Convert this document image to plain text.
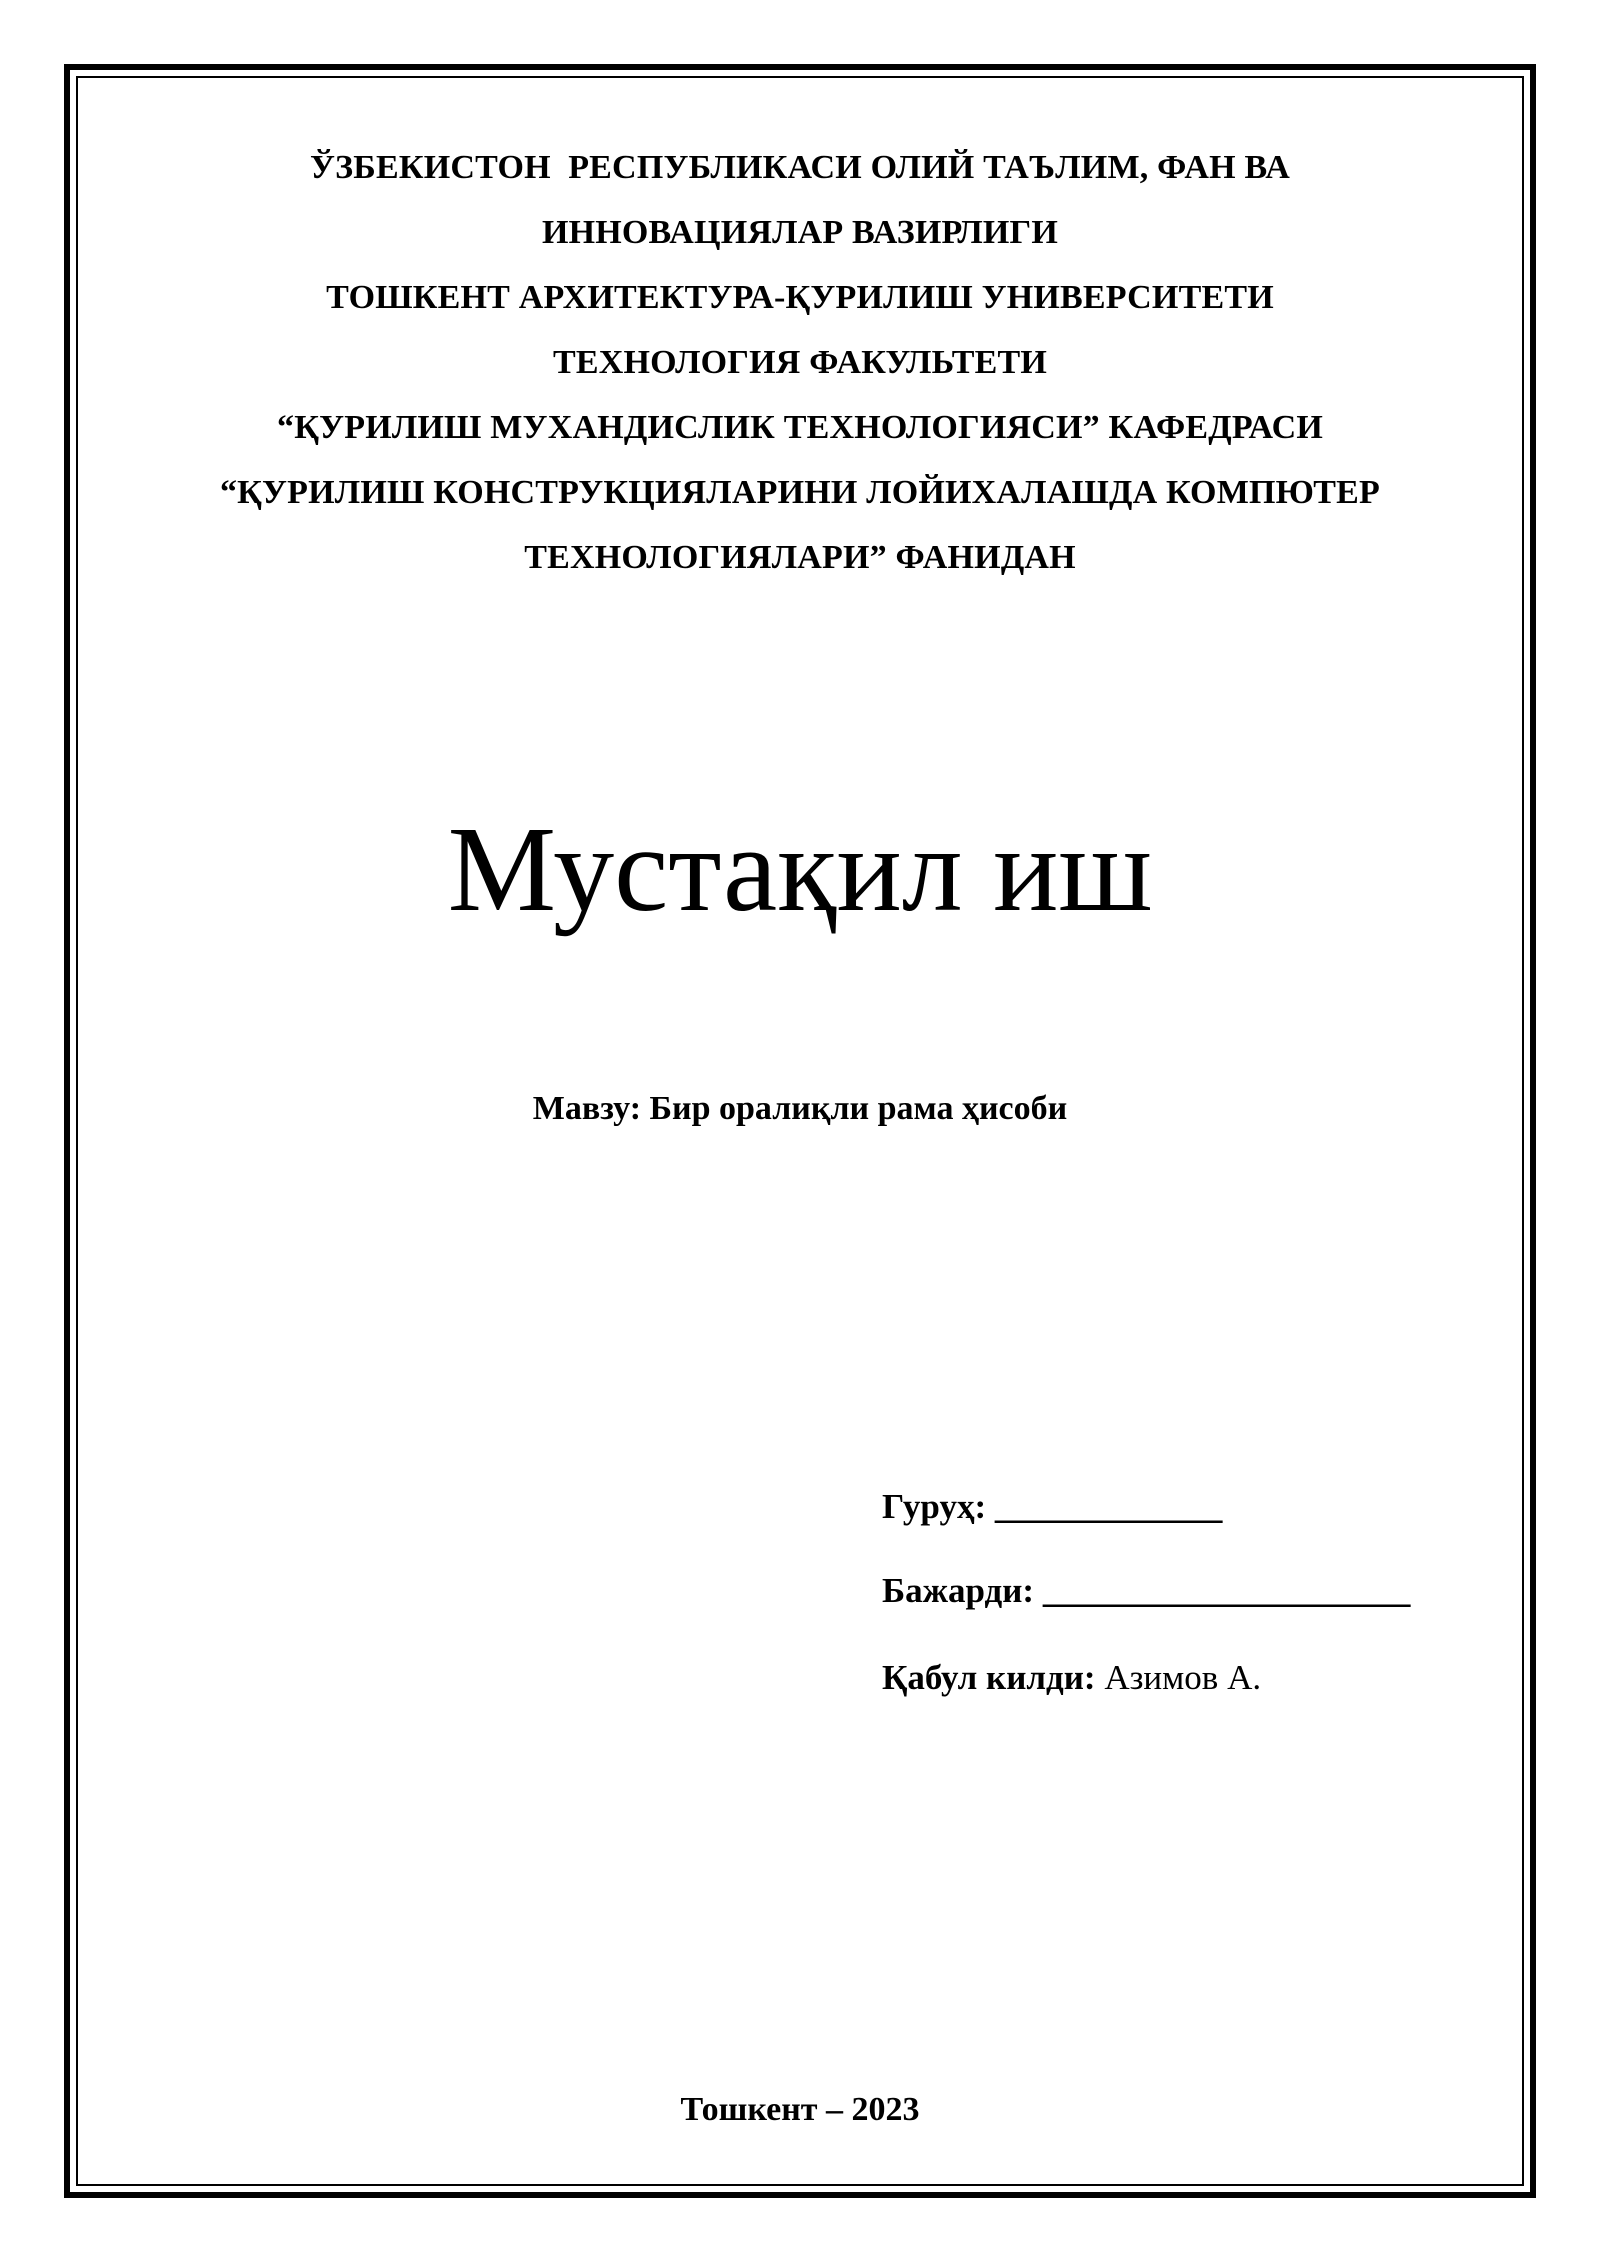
ЎЗБЕКИСТОН  РЕСПУБЛИКАСИ ОЛИЙ ТАЪЛИМ, ФАН ВА
ИННОВАЦИЯЛАР ВАЗИРЛИГИ
ТОШКЕНТ АРХИТЕКТУРА-ҚУРИЛИШ УНИВЕРСИТЕТИ
ТЕХНОЛОГИЯ ФАКУЛЬТЕТИ
“ҚУРИЛИШ МУХАНДИСЛИК ТЕХНОЛОГИЯСИ” КАФЕДРАСИ
“ҚУРИЛИШ КОНСТРУКЦИЯЛАРИНИ ЛОЙИХАЛАШДА КОМПЮТЕР
ТЕХНОЛОГИЯЛАРИ” ФАНИДАН
Мустақил иш
Мавзу: Бир оралиқли рама ҳисоби
Гуруҳ: _____________
Бажарди: _____________________
Қабул килди: Азимов А.
Тошкент – 2023
